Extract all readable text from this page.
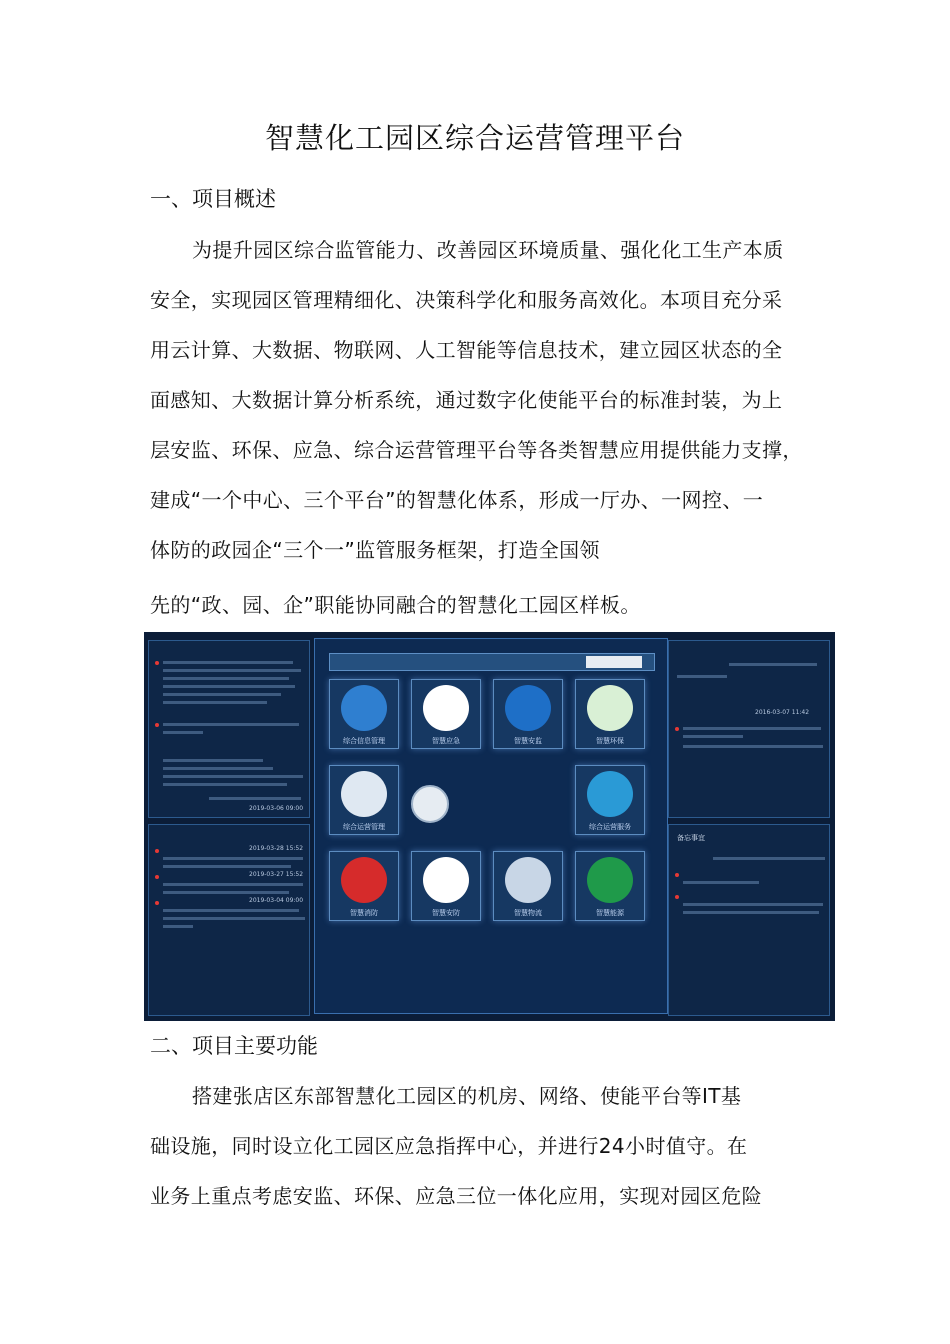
智慧化工园区综合运营管理平台
一、项目概述
为提升园区综合监管能力、改善园区环境质量、强化化工生产本质
安全，实现园区管理精细化、决策科学化和服务高效化。本项目充分采
用云计算、大数据、物联网、人工智能等信息技术，建立园区状态的全
面感知、大数据计算分析系统，通过数字化使能平台的标准封装，为上
层安监、环保、应急、综合运营管理平台等各类智慧应用提供能力支撑，
建成“一个中心、三个平台”的智慧化体系，形成一厅办、一网控、一
体防的政园企“三个一”监管服务框架，打造全国领
先的“政、园、企”职能协同融合的智慧化工园区样板。
2019-03-06 09:00
2019-03-28 15:52
2019-03-27 15:52
2019-03-04 09:00
综合信息管理	智慧应急	智慧安监	智慧环保
综合运营管理	综合运营服务
智慧消防	智慧安防	智慧物流	智慧能源
2016-03-07 11:42
备忘事宜
二、项目主要功能
搭建张店区东部智慧化工园区的机房、网络、使能平台等IT基
础设施，同时设立化工园区应急指挥中心，并进行24小时值守。在
业务上重点考虑安监、环保、应急三位一体化应用，实现对园区危险
